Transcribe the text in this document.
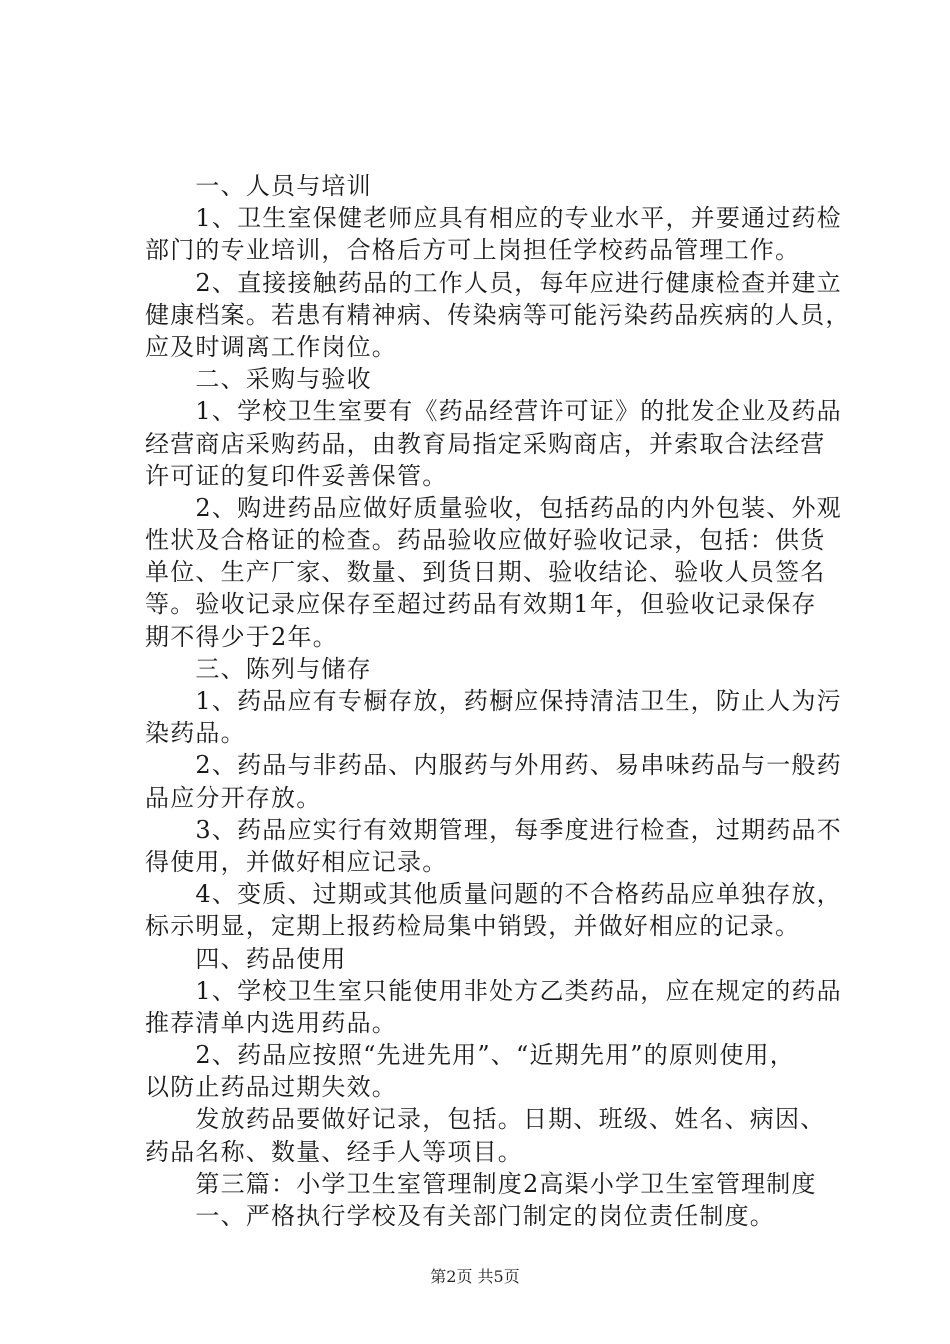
　　一、人员与培训
　　1、卫生室保健老师应具有相应的专业水平，并要通过药检
部门的专业培训，合格后方可上岗担任学校药品管理工作。
　　2、直接接触药品的工作人员，每年应进行健康检查并建立
健康档案。若患有精神病、传染病等可能污染药品疾病的人员，
应及时调离工作岗位。
　　二、采购与验收
　　1、学校卫生室要有《药品经营许可证》的批发企业及药品
经营商店采购药品，由教育局指定采购商店，并索取合法经营
许可证的复印件妥善保管。
　　2、购进药品应做好质量验收，包括药品的内外包装、外观
性状及合格证的检查。药品验收应做好验收记录，包括：供货
单位、生产厂家、数量、到货日期、验收结论、验收人员签名
等。验收记录应保存至超过药品有效期1年，但验收记录保存
期不得少于2年。
　　三、陈列与储存
　　1、药品应有专橱存放，药橱应保持清洁卫生，防止人为污
染药品。
　　2、药品与非药品、内服药与外用药、易串味药品与一般药
品应分开存放。
　　3、药品应实行有效期管理，每季度进行检查，过期药品不
得使用，并做好相应记录。
　　4、变质、过期或其他质量问题的不合格药品应单独存放，
标示明显，定期上报药检局集中销毁，并做好相应的记录。
　　四、药品使用
　　1、学校卫生室只能使用非处方乙类药品，应在规定的药品
推荐清单内选用药品。
　　2、药品应按照“先进先用”、“近期先用”的原则使用，
以防止药品过期失效。
　　发放药品要做好记录，包括。日期、班级、姓名、病因、
药品名称、数量、经手人等项目。
　　第三篇：小学卫生室管理制度2高渠小学卫生室管理制度
　　一、严格执行学校及有关部门制定的岗位责任制度。
第2页 共5页
